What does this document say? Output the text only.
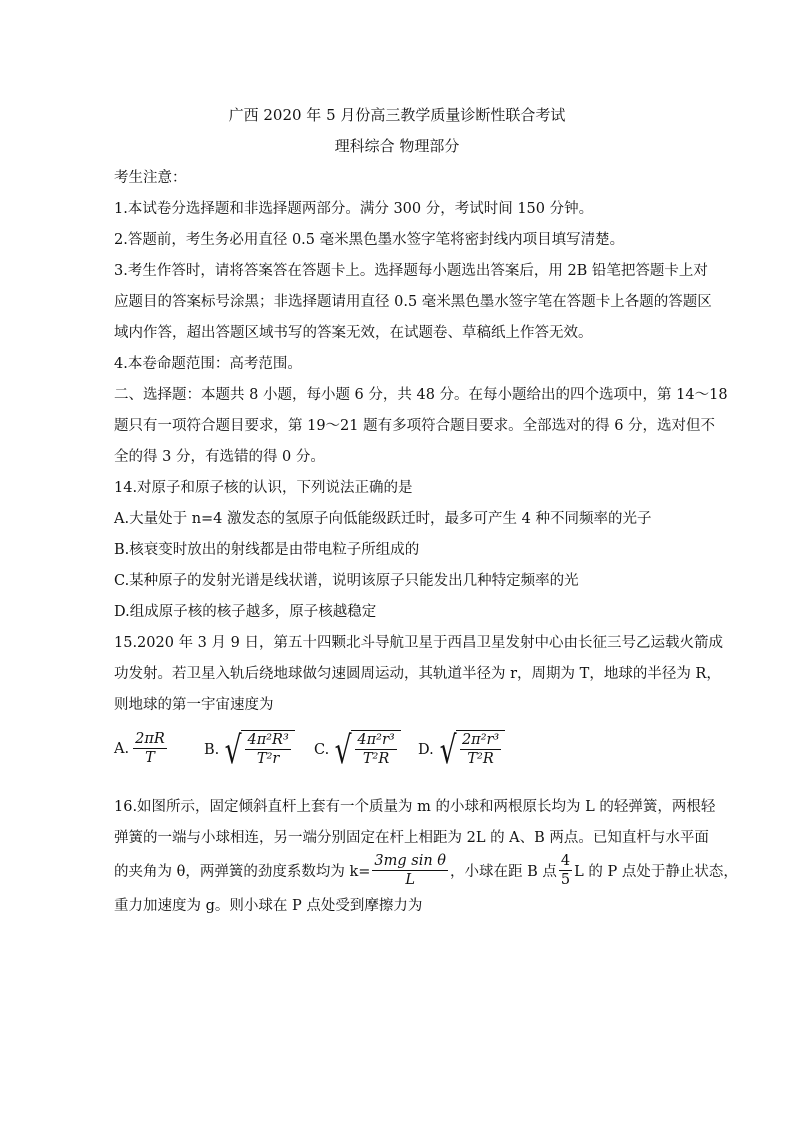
广西 2020 年 5 月份高三教学质量诊断性联合考试
理科综合 物理部分
考生注意：
1.本试卷分选择题和非选择题两部分。满分 300 分，考试时间 150 分钟。
2.答题前，考生务必用直径 0.5 毫米黑色墨水签字笔将密封线内项目填写清楚。
3.考生作答时，请将答案答在答题卡上。选择题每小题选出答案后，用 2B 铅笔把答题卡上对
应题目的答案标号涂黑；非选择题请用直径 0.5 毫米黑色墨水签字笔在答题卡上各题的答题区
域内作答，超出答题区域书写的答案无效，在试题卷、草稿纸上作答无效。
4.本卷命题范围：高考范围。
二、选择题：本题共 8 小题，每小题 6 分，共 48 分。在每小题给出的四个选项中，第 14～18
题只有一项符合题目要求，第 19～21 题有多项符合题目要求。全部选对的得 6 分，选对但不
全的得 3 分，有选错的得 0 分。
14.对原子和原子核的认识，下列说法正确的是
A.大量处于 n=4 激发态的氢原子向低能级跃迁时，最多可产生 4 种不同频率的光子
B.核衰变时放出的射线都是由带电粒子所组成的
C.某种原子的发射光谱是线状谱，说明该原子只能发出几种特定频率的光
D.组成原子核的核子越多，原子核越稳定
15.2020 年 3 月 9 日，第五十四颗北斗导航卫星于西昌卫星发射中心由长征三号乙运载火箭成
功发射。若卫星入轨后绕地球做匀速圆周运动，其轨道半径为 r，周期为 T，地球的半径为 R，
则地球的第一宇宙速度为
A. $\frac{2\pi R}{T}$	B. √ $\frac{\text{4π²R³}}{\text{T²r}} C$. √ $\frac{\text{4π²r³}}{\text{T²R}} D$. √ $\frac{\text{2π²r³}}{\text{T²R}}$

16.如图所示，固定倾斜直杆上套有一个质量为 m 的小球和两根原长均为 L 的轻弹簧，两根轻
弹簧的一端与小球相连，另一端分别固定在杆上相距为 2L 的 A、B 两点。已知直杆与水平面
的夹角为 θ，两弹簧的劲度系数均为 $k= \frac{\text{3mg sin θ}}{L}$ ，小球在距 B 点 $\frac{4}{5}$ L 的 P 点处于静止状态，
重力加速度为 g。则小球在 P 点处受到摩擦力为
